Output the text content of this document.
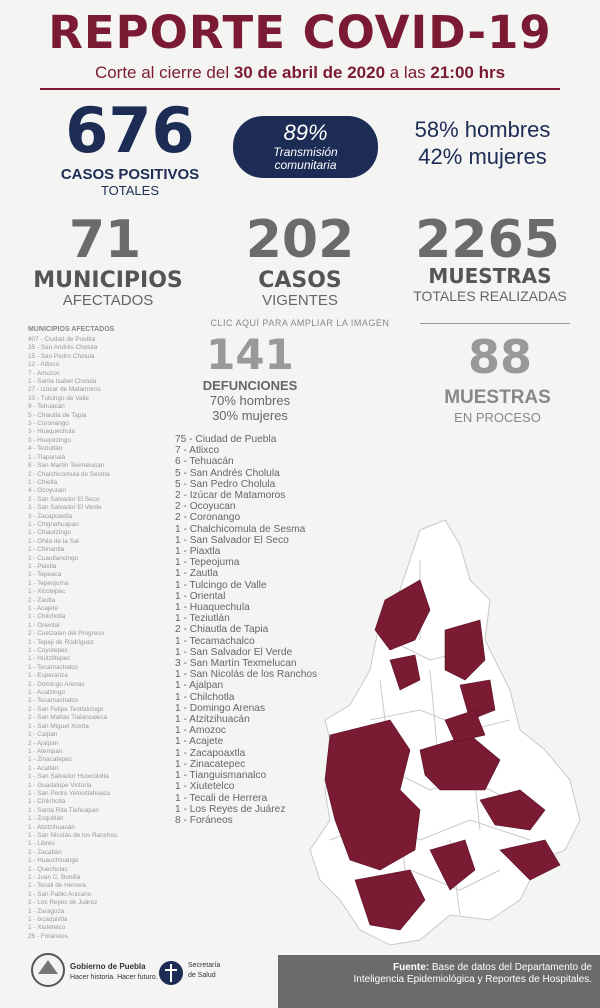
REPORTE COVID-19
Corte al cierre del 30 de abril de 2020 a las 21:00 hrs
676
CASOS POSITIVOS
TOTALES
89%
Transmisión
comunitaria
58% hombres
42% mujeres
71
MUNICIPIOS
AFECTADOS
202
CASOS
VIGENTES
2265
MUESTRAS
TOTALES REALIZADAS
CLIC AQUÍ PARA AMPLIAR LA IMAGEN
141
DEFUNCIONES
70% hombres
30% mujeres
88
MUESTRAS
EN PROCESO
MUNICIPIOS AFECTADOS
407 - Ciudad de Puebla
35 - San Andrés Cholula
15 - San Pedro Cholula
12 - Atlixco
7 - Amozoc
1 - Santa Isabel Cholula
27 - Izúcar de Matamoros
10 - Tulcingo de Valle
9 - Tehuacán
5 - Chiautla de Tapia
3 - Coronango
3 - Huaquechula
3 - Huejotzingo
4 - Teziutlán
1 - Tlapanalá
8 - San Martín Texmelucan
2 - Chalchicomula de Sesma
1 - Chietla
4 - Ocoyucan
2 - San Salvador El Seco
3 - San Salvador El Verde
3 - Zacapoaxtla
1 - Chignahuapan
1 - Chiautzingo
1 - Ohila de la Sal
1 - Chinantla
1 - Cuautlancingo
1 - Piaxtla
1 - Tepeaca
1 - Tepeojuma
1 - Xicotepec
2 - Zautla
1 - Acajete
1 - Chilchotla
1 - Oriental
2 - Cuetzalan del Progreso
1 - Tepeji de Rodríguez
1 - Coyotepec
1 - Huitziltepec
1 - Tecamachalco
1 - Esperanza
2 - Domingo Arenas
1 - Acatzingo
2 - Tecamachalco
2 - San Felipe Teotlalcingo
2 - San Matías Tlalancaleca
1 - San Miguel Xoxtla
1 - Calpan
2 - Ajalpan
1 - Atempan
1 - Zinacatepec
1 - Acatlán
1 - San Salvador Huixcolotla
1 - Guadalupe Victoria
1 - San Pedro Yeloixtlahuaca
1 - Chilchotla
1 - Santa Rita Tlahuapan
1 - Zoquitlán
1 - Atzitzihuacán
1 - San Nicolás de los Ranchos
1 - Libres
2 - Zacatlán
1 - Huauchinango
1 - Quecholac
1 - Juan C. Bonilla
1 - Tecali de Herrera
1 - San Pablo Anicano
2 - Los Reyes de Juárez
1 - Zaragoza
1 - Ixcaquixtla
1 - Xiutetelco
26 - Foráneos
75 - Ciudad de Puebla
7 - Atlixco
6 - Tehuacán
5 - San Andrés Cholula
5 - San Pedro Cholula
2 - Izúcar de Matamoros
2 - Ocoyucan
2 - Coronango
1 - Chalchicomula de Sesma
1 - San Salvador El Seco
1 - Piaxtla
1 - Tepeojuma
1 - Zautla
1 - Tulcingo de Valle
1 - Oriental
1 - Huaquechula
1 - Teziutlán
2 - Chiautla de Tapia
1 - Tecamachalco
1 - San Salvador El Verde
3 - San Martín Texmelucan
1 - San Nicolás de los Ranchos
1 - Ajalpan
1 - Chilchotla
1 - Domingo Arenas
1 - Atzitzihuacán
1 - Amozoc
1 - Acajete
1 - Zacapoaxtla
1 - Zinacatepec
1 - Tianguismanalco
1 - Xiutetelco
1 - Tecali de Herrera
1 - Los Reyes de Juárez
8 - Foráneos
Gobierno de Puebla
Hacer historia. Hacer futuro.
Secretaría
de Salud
Fuente: Base de datos del Departamento de
Inteligencia Epidemiológica y Reportes de Hospitales.
